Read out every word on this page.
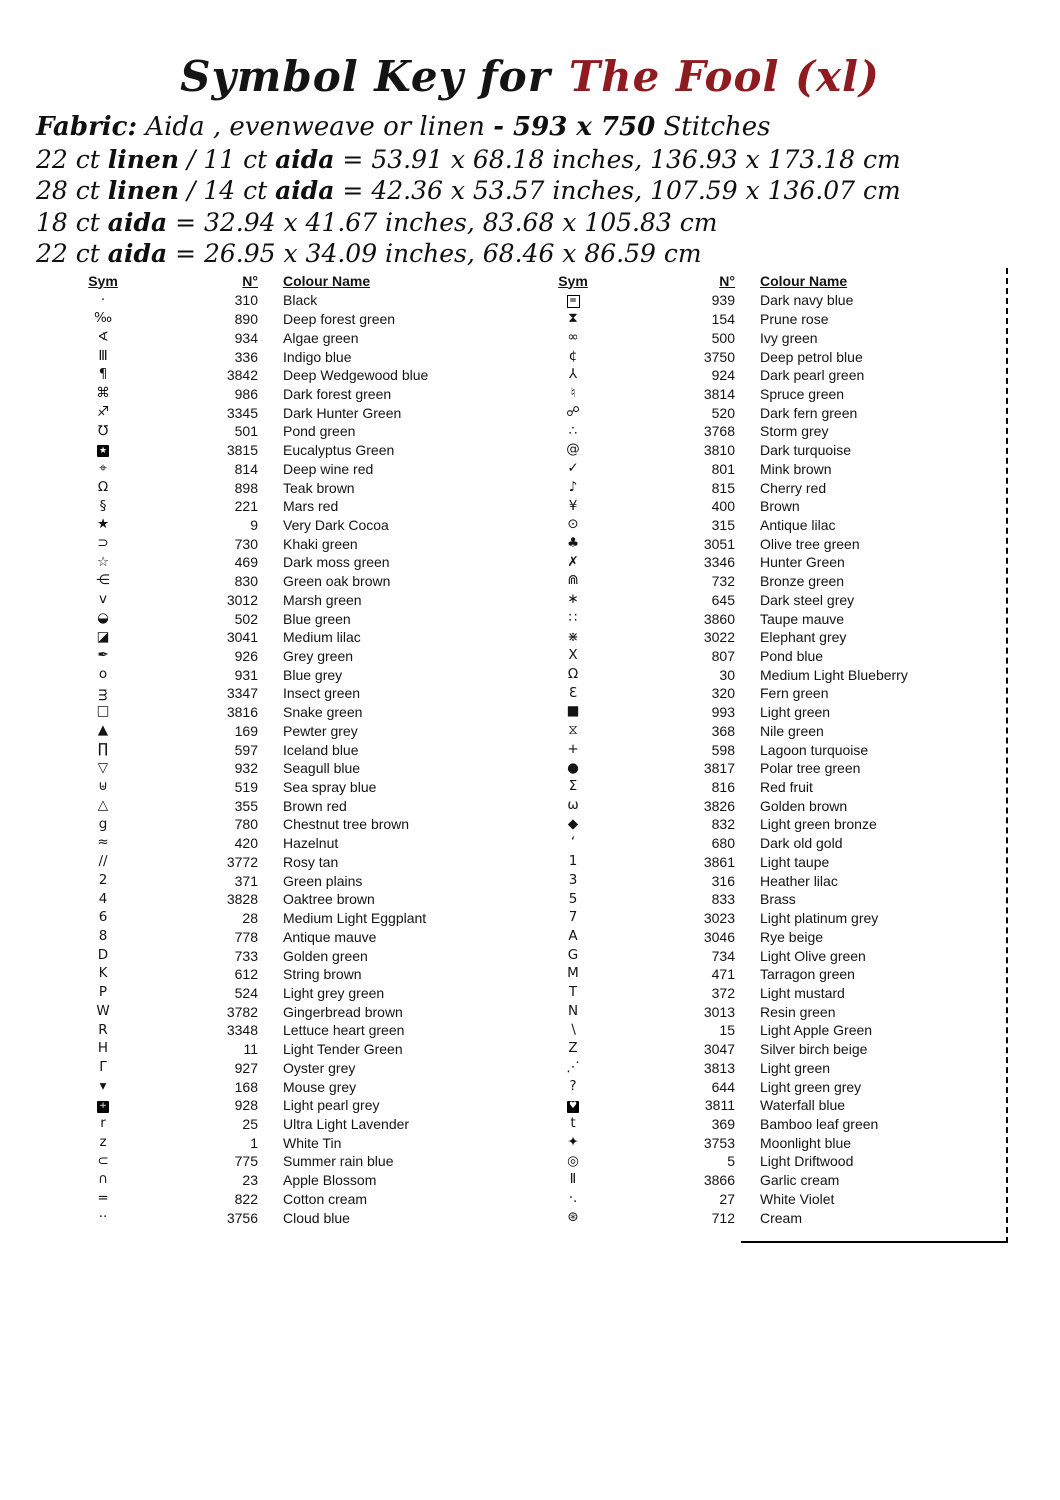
Symbol Key for The Fool (xl)
Fabric: Aida , evenweave or linen - 593 x 750 Stitches
22 ct linen / 11 ct aida = 53.91 x 68.18 inches, 136.93 x 173.18 cm
28 ct linen / 14 ct aida = 42.36 x 53.57 inches, 107.59 x 136.07 cm
18 ct aida = 32.94 x 41.67 inches, 83.68 x 105.83 cm
22 ct aida = 26.95 x 34.09 inches, 68.46 x 86.59 cm
Sym	N°	Colour Name
·	310	Black
‰	890	Deep forest green
∢	934	Algae green
Ⅲ	336	Indigo blue
¶	3842	Deep Wedgewood blue
⌘	986	Dark forest green
♐	3345	Dark Hunter Green
℧	501	Pond green
★	3815	Eucalyptus Green
⌖	814	Deep wine red
Ω	898	Teak brown
§	221	Mars red
★	9	Very Dark Cocoa
⊃	730	Khaki green
☆	469	Dark moss green
⋲	830	Green oak brown
ᴠ	3012	Marsh green
◒	502	Blue green
◪	3041	Medium lilac
✒	926	Grey green
o	931	Blue grey
ᴟ	3347	Insect green
□	3816	Snake green
▲	169	Pewter grey
∏	597	Iceland blue
▽	932	Seagull blue
⊎	519	Sea spray blue
△	355	Brown red
g	780	Chestnut tree brown
≈	420	Hazelnut
∕∕	3772	Rosy tan
2	371	Green plains
4	3828	Oaktree brown
6	28	Medium Light Eggplant
8	778	Antique mauve
D	733	Golden green
K	612	String brown
P	524	Light grey green
W	3782	Gingerbread brown
R	3348	Lettuce heart green
H	11	Light Tender Green
Γ	927	Oyster grey
▾	168	Mouse grey
+	928	Light pearl grey
r	25	Ultra Light Lavender
z	1	White Tin
⊂	775	Summer rain blue
∩	23	Apple Blossom
=	822	Cotton cream
··	3756	Cloud blue
Sym	N°	Colour Name
=	939	Dark navy blue
⧗	154	Prune rose
∞	500	Ivy green
¢	3750	Deep petrol blue
⅄	924	Dark pearl green
♮	3814	Spruce green
☍	520	Dark fern green
∴	3768	Storm grey
@	3810	Dark turquoise
✓	801	Mink brown
♪	815	Cherry red
¥	400	Brown
⊙	315	Antique lilac
♣	3051	Olive tree green
✗	3346	Hunter Green
⋒	732	Bronze green
∗	645	Dark steel grey
∷	3860	Taupe mauve
⋇	3022	Elephant grey
X	807	Pond blue
Ω	30	Medium Light Blueberry
Ɛ	320	Fern green
■	993	Light green
⧖	368	Nile green
+	598	Lagoon turquoise
●	3817	Polar tree green
Σ	816	Red fruit
ω	3826	Golden brown
◆	832	Light green bronze
ʻ	680	Dark old gold
1	3861	Light taupe
3	316	Heather lilac
5	833	Brass
7	3023	Light platinum grey
A	3046	Rye beige
G	734	Light Olive green
M	471	Tarragon green
T	372	Light mustard
N	3013	Resin green
∖	15	Light Apple Green
Z	3047	Silver birch beige
⋰	3813	Light green
?	644	Light green grey
♥	3811	Waterfall blue
t	369	Bamboo leaf green
✦	3753	Moonlight blue
◎	5	Light Driftwood
Ⅱ	3866	Garlic cream
·.	27	White Violet
⊛	712	Cream
